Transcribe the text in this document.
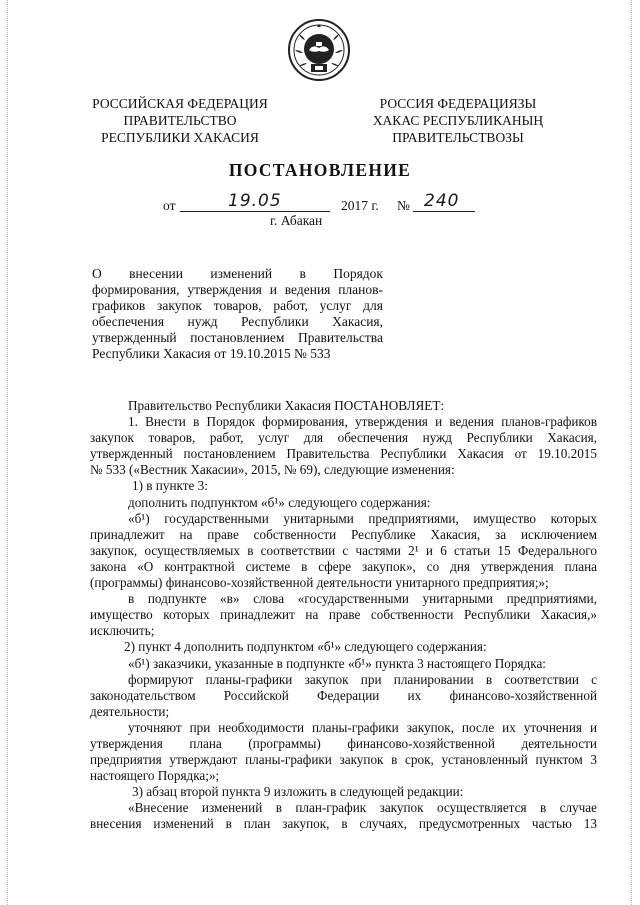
РОССИЙСКАЯ ФЕДЕРАЦИЯ
ПРАВИТЕЛЬСТВО
РЕСПУБЛИКИ ХАКАСИЯ
РОССИЯ ФЕДЕРАЦИЯЗЫ
ХАКАС РЕСПУБЛИКАНЫҢ
ПРАВИТЕЛЬСТВОЗЫ
ПОСТАНОВЛЕНИЕ
от	19.05	2017 г. № 240
г. Абакан
О внесении изменений в Порядок
формирования, утверждения и ведения планов-
графиков закупок товаров, работ, услуг для
обеспечения нужд Республики Хакасия,
утвержденный постановлением Правительства
Республики Хакасия от 19.10.2015 № 533
Правительство Республики Хакасия ПОСТАНОВЛЯЕТ:
1. Внести в Порядок формирования, утверждения и ведения планов-графиков
закупок товаров, работ, услуг для обеспечения нужд Республики Хакасия,
утвержденный постановлением Правительства Республики Хакасия от 19.10.2015
№ 533 («Вестник Хакасии», 2015, № 69), следующие изменения:
1) в пункте 3:
дополнить подпунктом «б¹» следующего содержания:
«б¹) государственными унитарными предприятиями, имущество которых
принадлежит на праве собственности Республике Хакасия, за исключением
закупок, осуществляемых в соответствии с частями 2¹ и 6 статьи 15 Федерального
закона «О контрактной системе в сфере закупок», со дня утверждения плана
(программы) финансово-хозяйственной деятельности унитарного предприятия;»;
в подпункте «в» слова «государственными унитарными предприятиями,
имущество которых принадлежит на праве собственности Республики Хакасия,»
исключить;
2) пункт 4 дополнить подпунктом «б¹» следующего содержания:
«б¹) заказчики, указанные в подпункте «б¹» пункта 3 настоящего Порядка:
формируют планы-графики закупок при планировании в соответствии с
законодательством Российской Федерации их финансово-хозяйственной
деятельности;
уточняют при необходимости планы-графики закупок, после их уточнения и
утверждения плана (программы) финансово-хозяйственной деятельности
предприятия утверждают планы-графики закупок в срок, установленный пунктом 3
настоящего Порядка;»;
3) абзац второй пункта 9 изложить в следующей редакции:
«Внесение изменений в план-график закупок осуществляется в случае
внесения изменений в план закупок, в случаях, предусмотренных частью 13
